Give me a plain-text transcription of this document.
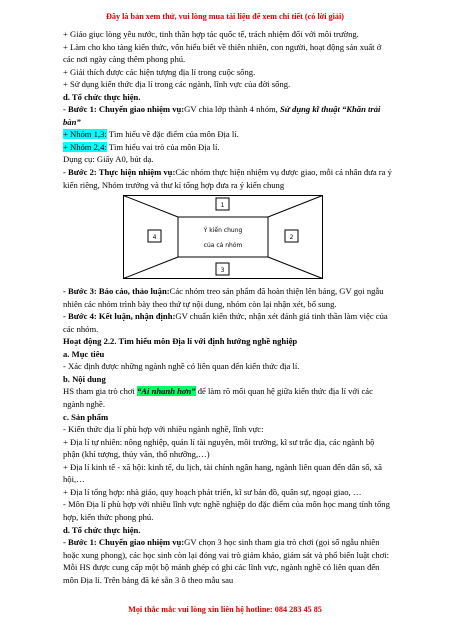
Đây là bản xem thử, vui lòng mua tài liệu để xem chi tiết (có lời giải)

+ Giáo giục lòng yêu nước, tinh thần hợp tác quốc tế, trách nhiệm đối với môi trường.

+ Làm cho kho tàng kiến thức, vốn hiểu biết về thiên nhiên, con người, hoạt động sản xuất ở các nơi ngày càng thêm phong phú.

+ Giải thích được các hiện tượng địa lí trong cuộc sống.

+ Sử dụng kiến thức địa lí trong các ngành, lĩnh vực của đời sống.

d. Tổ chức thực hiện.

- Bước 1: Chuyển giao nhiệm vụ:GV chia lớp thành 4 nhóm, Sử dụng kĩ thuật “Khăn trải bàn”

+ Nhóm 1,3: Tìm hiểu về đặc điểm của môn Địa lí.

+ Nhóm 2,4: Tìm hiểu vai trò của môn Địa lí.

Dụng cụ: Giấy A0, bút dạ.

- Bước 2: Thực hiện nhiệm vụ:Các nhóm thực hiện nhiệm vụ được giao, mỗi cá nhân đưa ra ý kiến riêng, Nhóm trưởng và thư kí tổng hợp đưa ra ý kiến chung

1
4	2
3
Ý kiến chung
của cả nhóm

- Bước 3: Báo cáo, thảo luận:Các nhóm treo sản phẩm đã hoàn thiện lên bảng, GV gọi ngẫu nhiên các nhóm trình bày theo thứ tự nội dung, nhóm còn lại nhận xét, bổ sung.

- Bước 4: Kết luận, nhận định:GV chuẩn kiến thức, nhận xét đánh giá tinh thần làm việc của các nhóm.

Hoạt động 2.2. Tìm hiểu môn Địa lí với định hướng nghề nghiệp

a. Mục tiêu

- Xác định được những ngành nghề có liên quan đến kiến thức địa lí.

b. Nội dung

HS tham gia trò chơi “Ai nhanh hơn” để làm rõ mối quan hệ giữa kiến thức địa lí với các ngành nghề.

c. Sản phẩm

- Kiến thức địa lí phù hợp với nhiều ngành nghề, lĩnh vực:

+ Địa lí tự nhiên: nông nghiệp, quản lí tài nguyên, môi trường, kĩ sư trắc địa, các ngành bộ phận (khí tượng, thủy văn, thổ nhưỡng,…)

+ Địa lí kinh tế - xã hội: kinh tế, du lịch, tài chính ngân hang, ngành liên quan đến dân số, xã hội,…

+ Địa lí tổng hợp: nhà giáo, quy hoạch phát triển, kĩ sư bản đồ, quân sự, ngoại giao, …

- Môn Địa lí phù hợp với nhiều lĩnh vực nghề nghiệp do đặc điểm của môn học mang tính tổng hợp, kiến thức phong phú.

d. Tổ chức thực hiện.

- Bước 1: Chuyển giao nhiệm vụ:GV chọn 3 học sinh tham gia trò chơi (gọi số ngẫu nhiên hoặc xung phong), các học sinh còn lại đóng vai trò giám khảo, giám sát và phổ biến luật chơi: Mỗi HS được cung cấp một bộ mảnh ghép có ghi các lĩnh vực, ngành nghề có liên quan đến môn Địa lí. Trên bảng đã kẻ sẵn 3 ô theo mẫu sau

Mọi thắc mắc vui lòng xin liên hệ hotline: 084 283 45 85
